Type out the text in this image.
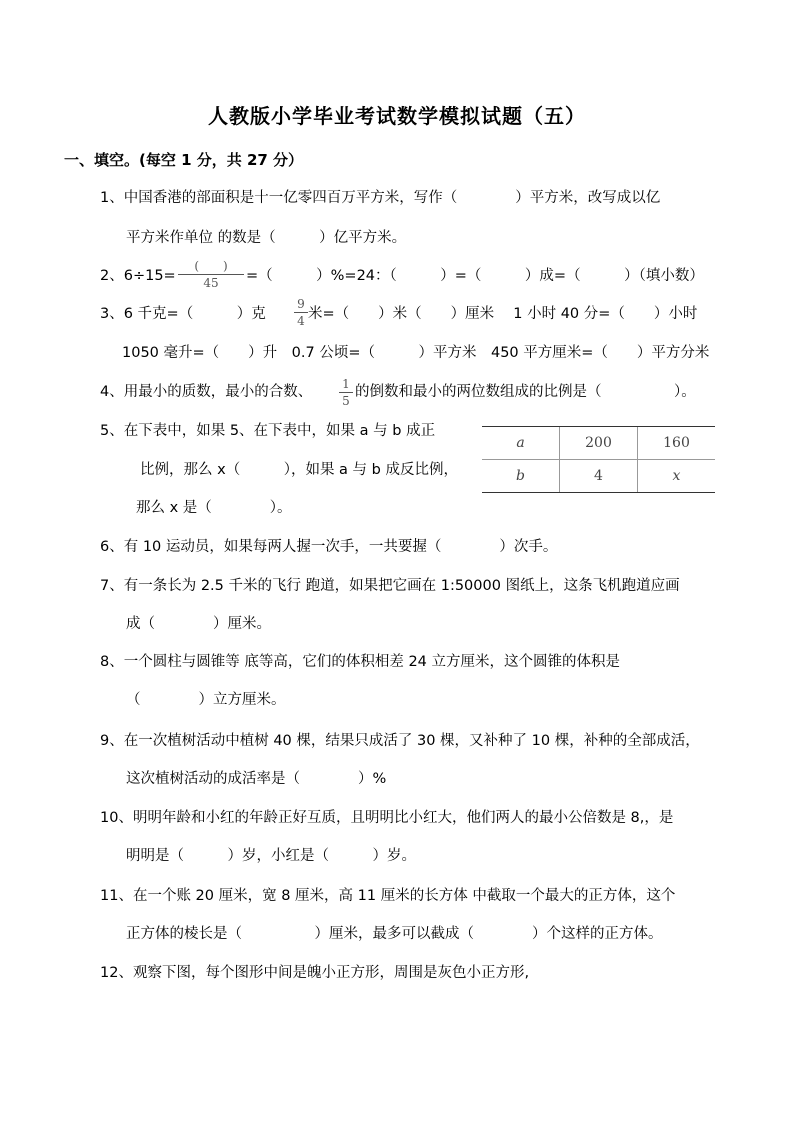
人教版小学毕业考试数学模拟试题（五）
一、填空。(每空 1 分，共 27 分）
1、中国香港的部面积是十一亿零四百万平方米，写作（　　　　）平方米，改写成以亿
平方米作单位 的数是（　　　）亿平方米。
2、6÷15=
(　　)
45	=（　　　）%=24：（　　　）=（　　　）成=（　　　）（填小数）
3、6 千克=（　　　）克
9
4 米=（　　）米（　　）厘米　 1 小时 40 分=（　　）小时
1050 毫升=（　　）升　0.7 公顷=（　　　）平方米　450 平方厘米=（　　）平方分米
4、用最小的质数，最小的合数、 1
5
的倒数和最小的两位数组成的比例是（　　　　　）。
5、在下表中，如果 5、在下表中，如果 a 与 b 成正
比例，那么 x（　　　），如果 a 与 b 成反比例，
那么 x 是（　　　　）。
a	200	160
b	4	x
6、有 10 运动员，如果每两人握一次手，一共要握（　　　　）次手。
7、有一条长为 2.5 千米的飞行 跑道，如果把它画在 1:50000 图纸上，这条飞机跑道应画
成（　　　　）厘米。
8、一个圆柱与圆锥等 底等高，它们的体积相差 24 立方厘米，这个圆锥的体积是
（　　　　）立方厘米。
9、在一次植树活动中植树 40 棵，结果只成活了 30 棵，又补种了 10 棵，补种的全部成活，
这次植树活动的成活率是（　　　　）%
10、明明年龄和小红的年龄正好互质，且明明比小红大，他们两人的最小公倍数是 8,，是
明明是（　　　）岁，小红是（　　　）岁。
11、在一个账 20 厘米，宽 8 厘米，高 11 厘米的长方体 中截取一个最大的正方体，这个
正方体的棱长是（　　　　　）厘米，最多可以截成（　　　　）个这样的正方体。
12、观察下图，每个图形中间是魄小正方形，周围是灰色小正方形,
